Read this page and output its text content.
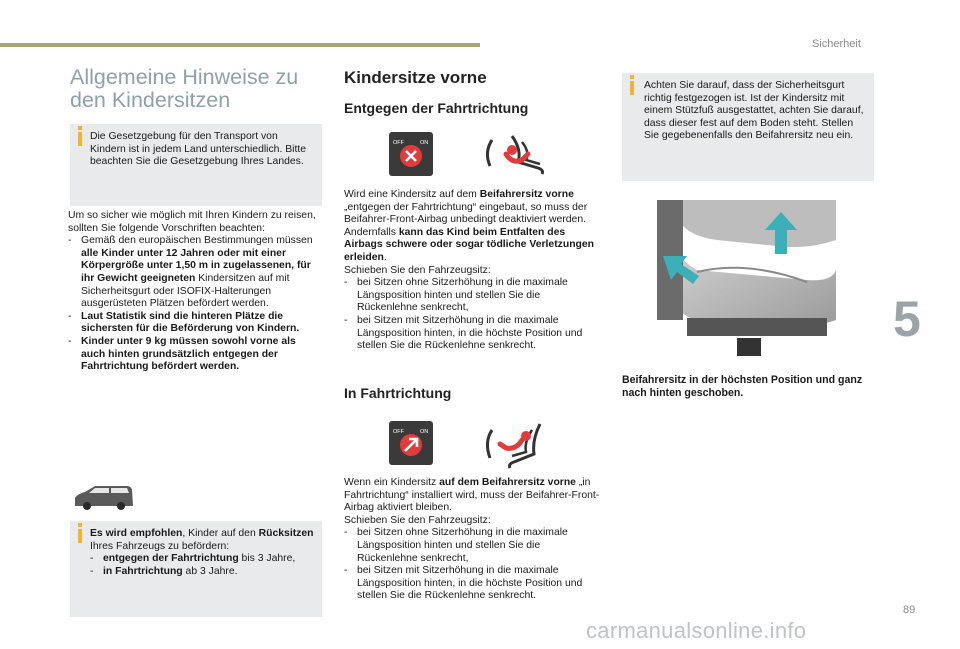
Sicherheit
Allgemeine Hinweise zu den Kindersitzen
Die Gesetzgebung für den Transport von Kindern ist in jedem Land unterschiedlich. Bitte beachten Sie die Gesetzgebung Ihres Landes.

Um so sicher wie möglich mit Ihren Kindern zu reisen, sollten Sie folgende Vorschriften beachten:

- Gemäß den europäischen Bestimmungen müssen alle Kinder unter 12 Jahren oder mit einer Körpergröße unter 1,50 m in zugelassenen, für ihr Gewicht geeigneten Kindersitzen auf mit Sicherheitsgurt oder ISOFIX-Halterungen ausgerüsteten Plätzen befördert werden.

- Laut Statistik sind die hinteren Plätze die sichersten für die Beförderung von Kindern.

- Kinder unter 9 kg müssen sowohl vorne als auch hinten grundsätzlich entgegen der Fahrtrichtung befördert werden.

Es wird empfohlen, Kinder auf den Rücksitzen Ihres Fahrzeugs zu befördern:
- entgegen der Fahrtrichtung bis 3 Jahre,
- in Fahrtrichtung ab 3 Jahre.
Kindersitze vorne
Entgegen der Fahrtrichtung
OFF	ON

Wird eine Kindersitz auf dem Beifahrersitz vorne „entgegen der Fahrtrichtung“ eingebaut, so muss der Beifahrer-Front-Airbag unbedingt deaktiviert werden. Andernfalls kann das Kind beim Entfalten des Airbags schwere oder sogar tödliche Verletzungen erleiden.

Schieben Sie den Fahrzeugsitz:

- bei Sitzen ohne Sitzerhöhung in die maximale Längsposition hinten und stellen Sie die Rückenlehne senkrecht,

- bei Sitzen mit Sitzerhöhung in die maximale Längsposition hinten, in die höchste Position und stellen Sie die Rückenlehne senkrecht.

In Fahrtrichtung
OFF	ON

Wenn ein Kindersitz auf dem Beifahrersitz vorne „in Fahrtrichtung“ installiert wird, muss der Beifahrer-Front-Airbag aktiviert bleiben.

Schieben Sie den Fahrzeugsitz:

- bei Sitzen ohne Sitzerhöhung in die maximale Längsposition hinten und stellen Sie die Rückenlehne senkrecht,

- bei Sitzen mit Sitzerhöhung in die maximale Längsposition hinten, in die höchste Position und stellen Sie die Rückenlehne senkrecht.

Achten Sie darauf, dass der Sicherheitsgurt richtig festgezogen ist. Ist der Kindersitz mit einem Stützfuß ausgestattet, achten Sie darauf, dass dieser fest auf dem Boden steht. Stellen Sie gegebenenfalls den Beifahrersitz neu ein.
Beifahrersitz in der höchsten Position und ganz nach hinten geschoben.
5
89
carmanualsonline.info
